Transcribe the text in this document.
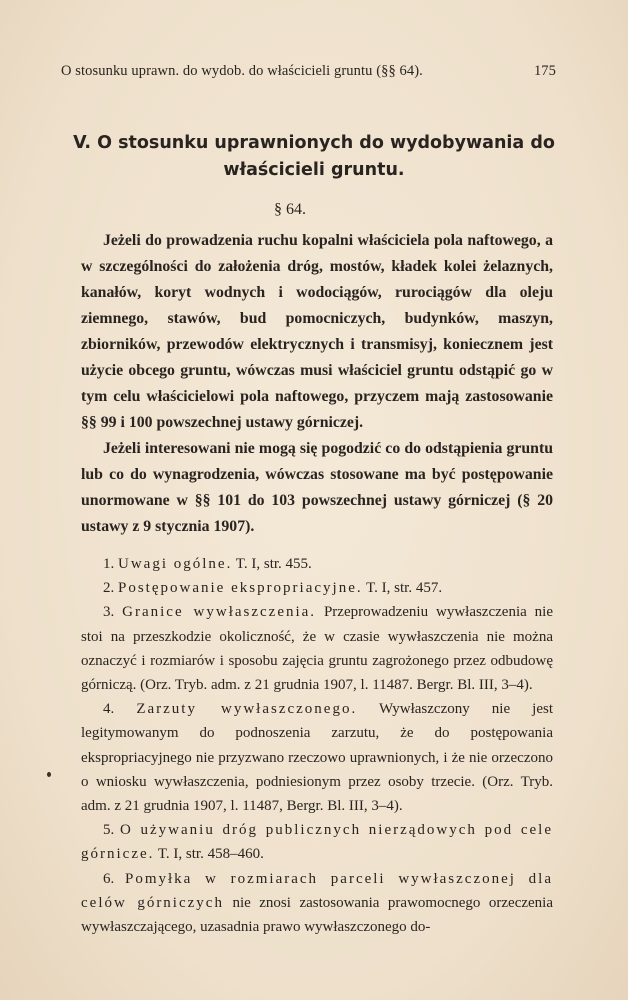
O stosunku uprawn. do wydob. do właścicieli gruntu (§§ 64).	175
V. O stosunku uprawnionych do wydobywania do
właścicieli gruntu.
§ 64.

Jeżeli do prowadzenia ruchu kopalni właściciela pola naftowego, a w szczególności do założenia dróg, mostów, kładek kolei żelaznych, kanałów, koryt wodnych i wodociągów, rurociągów dla oleju ziemnego, stawów, bud pomocniczych, budynków, maszyn, zbiorników, przewodów elektrycznych i transmisyj, koniecznem jest użycie obcego gruntu, wówczas musi właściciel gruntu odstąpić go w tym celu właścicielowi pola naftowego, przyczem mają zastosowanie §§ 99 i 100 powszechnej ustawy górniczej.

Jeżeli interesowani nie mogą się pogodzić co do odstąpienia gruntu lub co do wynagrodzenia, wówczas stosowane ma być postępowanie unormowane w §§ 101 do 103 powszechnej ustawy górniczej (§ 20 ustawy z 9 stycznia 1907).

1. Uwagi ogólne. T. I, str. 455.

2. Postępowanie ekspropriacyjne. T. I, str. 457.

3. Granice wywłaszczenia. Przeprowadzeniu wywłaszczenia nie stoi na przeszkodzie okoliczność, że w czasie wywłaszczenia nie można oznaczyć i rozmiarów i sposobu zajęcia gruntu zagrożonego przez odbudowę górniczą. (Orz. Tryb. adm. z 21 grudnia 1907, l. 11487. Bergr. Bl. III, 3–4).

4. Zarzuty wywłaszczonego. Wywłaszczony nie jest legitymowanym do podnoszenia zarzutu, że do postępowania ekspropriacyjnego nie przyzwano rzeczowo uprawnionych, i że nie orzeczono o wniosku wywłaszczenia, podniesionym przez osoby trzecie. (Orz. Tryb. adm. z 21 grudnia 1907, l. 11487, Bergr. Bl. III, 3–4).

5. O używaniu dróg publicznych nierządowych pod cele górnicze. T. I, str. 458–460.

6. Pomyłka w rozmiarach parceli wywłaszczonej dla celów górniczych nie znosi zastosowania prawomocnego orzeczenia wywłaszczającego, uzasadnia prawo wywłaszczonego do-
